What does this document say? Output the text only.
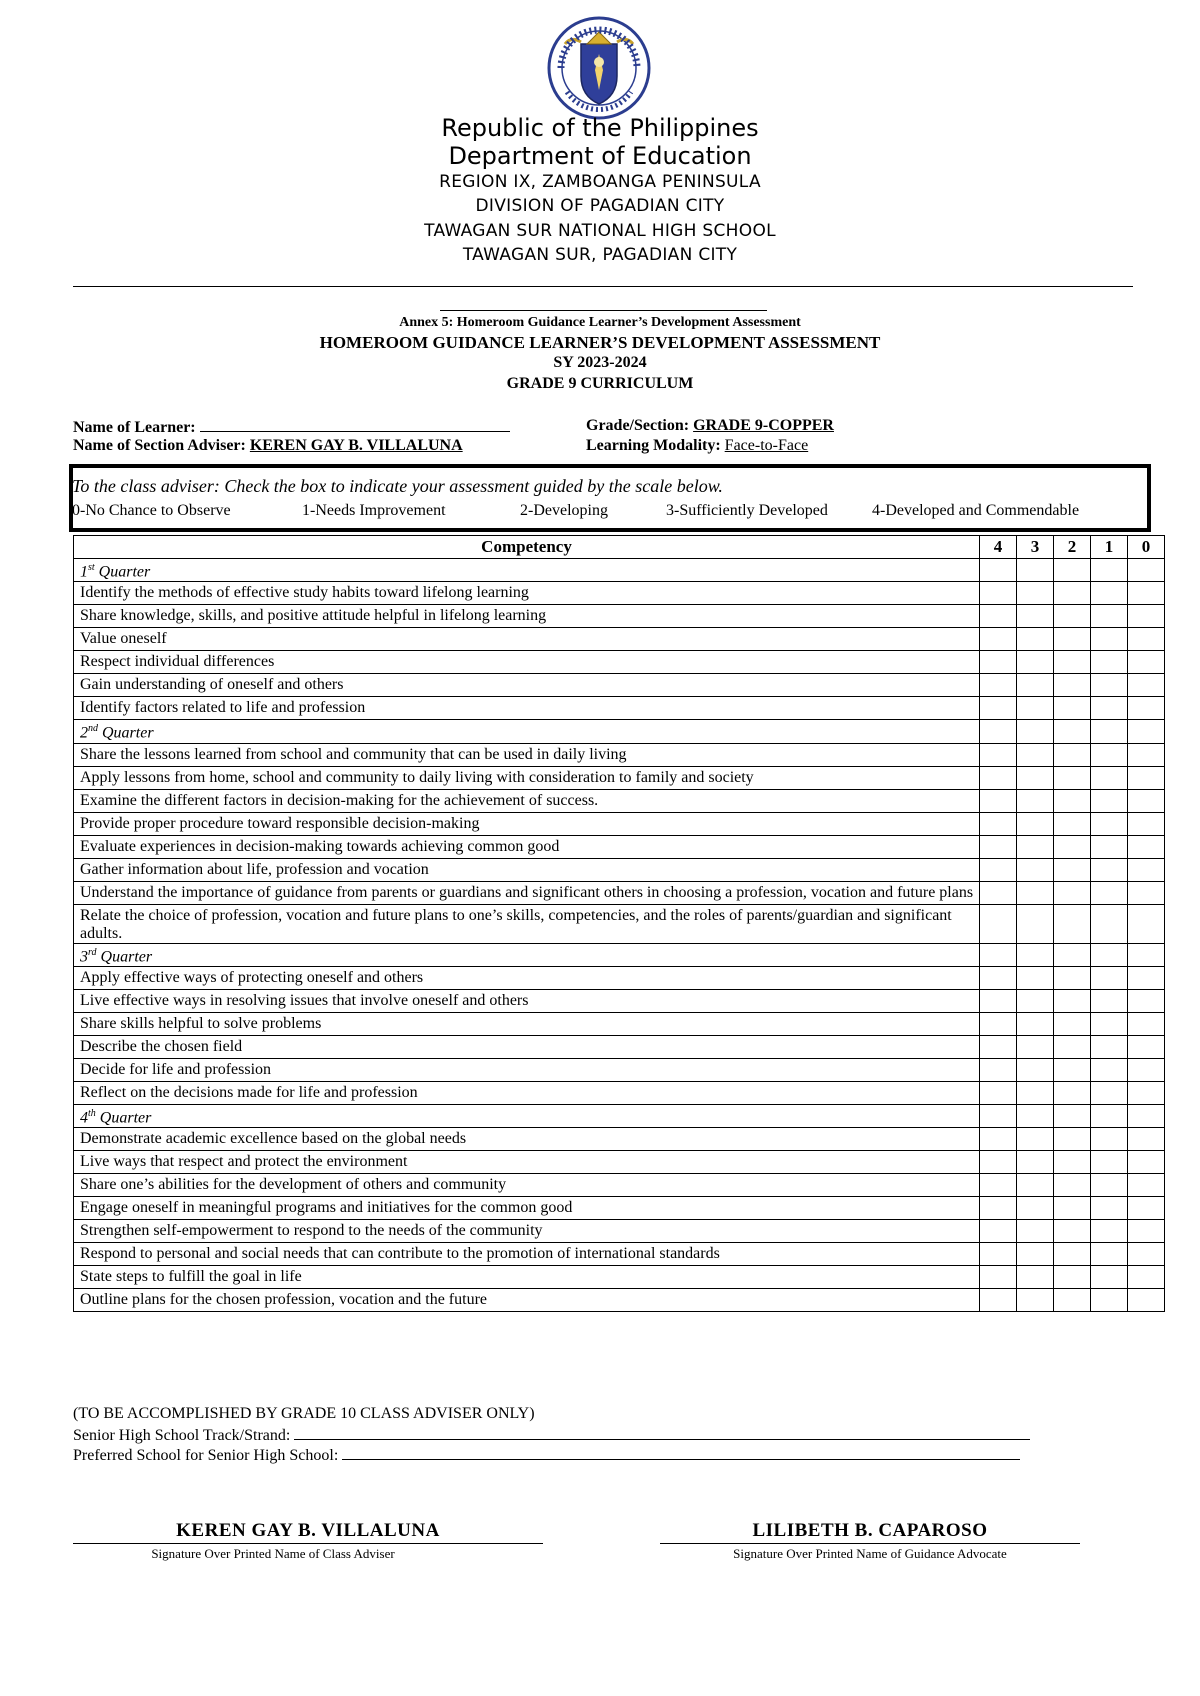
Republic of the Philippines
Department of Education
REGION IX, ZAMBOANGA PENINSULA
DIVISION OF PAGADIAN CITY
TAWAGAN SUR NATIONAL HIGH SCHOOL
TAWAGAN SUR, PAGADIAN CITY
Annex 5: Homeroom Guidance Learner’s Development Assessment
HOMEROOM GUIDANCE LEARNER’S DEVELOPMENT ASSESSMENT
SY 2023-2024
GRADE 9 CURRICULUM
Name of Learner:	Grade/Section: GRADE 9-COPPER
Name of Section Adviser: KEREN GAY B. VILLALUNA	Learning Modality: Face-to-Face
To the class adviser: Check the box to indicate your assessment guided by the scale below.
0-No Chance to Observe	1-Needs Improvement	2-Developing	3-Sufficiently Developed	4-Developed and Commendable
Competency	4	3	2	1	0
1st Quarter					
Identify the methods of effective study habits toward lifelong learning					
Share knowledge, skills, and positive attitude helpful in lifelong learning					
Value oneself					
Respect individual differences					
Gain understanding of oneself and others					
Identify factors related to life and profession					
2nd Quarter					
Share the lessons learned from school and community that can be used in daily living					
Apply lessons from home, school and community to daily living with consideration to family and society					
Examine the different factors in decision-making for the achievement of success.					
Provide proper procedure toward responsible decision-making					
Evaluate experiences in decision-making towards achieving common good					
Gather information about life, profession and vocation					
Understand the importance of guidance from parents or guardians and significant others in choosing a profession, vocation and future plans					
Relate the choice of profession, vocation and future plans to one’s skills, competencies, and the roles of parents/guardian and significant adults.					
3rd Quarter					
Apply effective ways of protecting oneself and others					
Live effective ways in resolving issues that involve oneself and others					
Share skills helpful to solve problems					
Describe the chosen field					
Decide for life and profession					
Reflect on the decisions made for life and profession					
4th Quarter					
Demonstrate academic excellence based on the global needs					
Live ways that respect and protect the environment					
Share one’s abilities for the development of others and community					
Engage oneself in meaningful programs and initiatives for the common good					
Strengthen self-empowerment to respond to the needs of the community					
Respond to personal and social needs that can contribute to the promotion of international standards					
State steps to fulfill the goal in life					
Outline plans for the chosen profession, vocation and the future					
(TO BE ACCOMPLISHED BY GRADE 10 CLASS ADVISER ONLY)
Senior High School Track/Strand:
Preferred School for Senior High School:
KEREN GAY B. VILLALUNA
Signature Over Printed Name of Class Adviser
LILIBETH B. CAPAROSO
Signature Over Printed Name of Guidance Advocate
